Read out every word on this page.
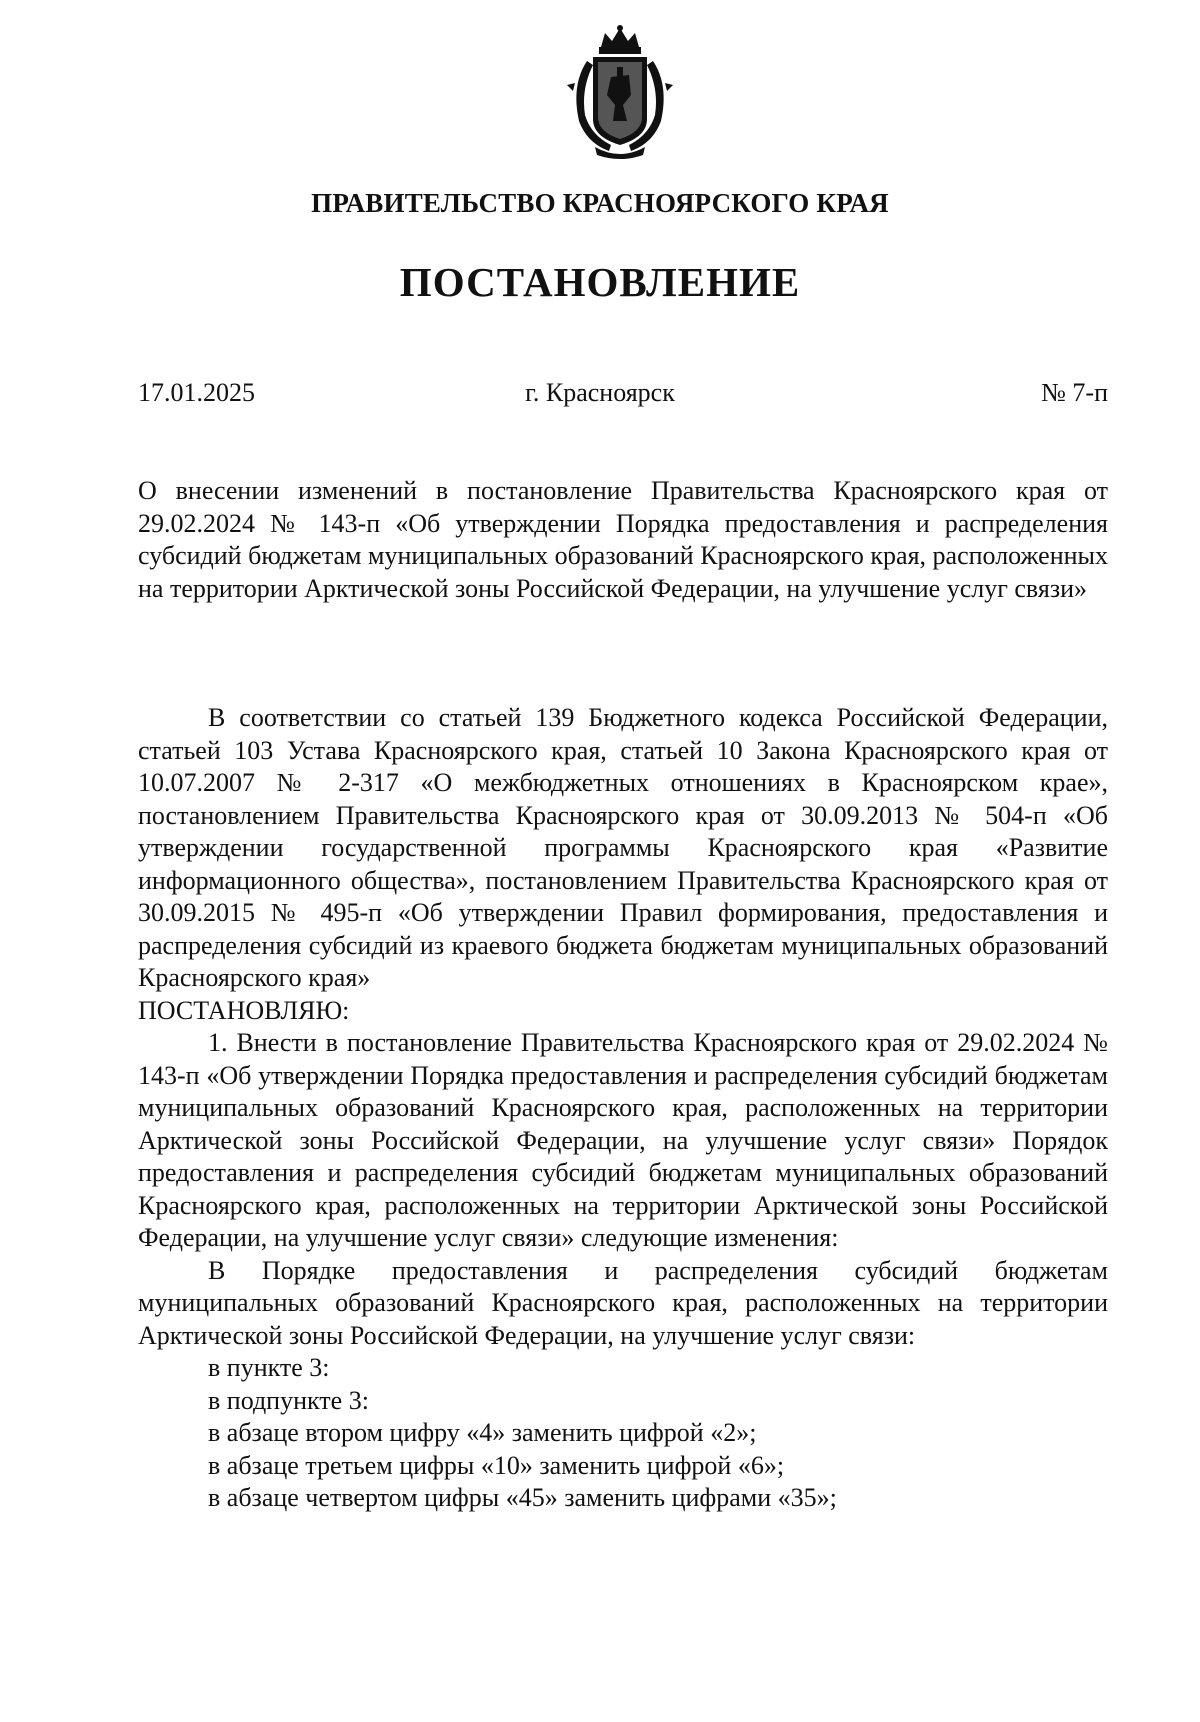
ПРАВИТЕЛЬСТВО КРАСНОЯРСКОГО КРАЯ
ПОСТАНОВЛЕНИЕ
17.01.2025	г. Красноярск	№ 7-п
О внесении изменений в постановление Правительства Красноярского края от 29.02.2024 № 143-п «Об утверждении Порядка предоставления и распределения субсидий бюджетам муниципальных образований Красноярского края, расположенных на территории Арктической зоны Российской Федерации, на улучшение услуг связи»

В соответствии со статьей 139 Бюджетного кодекса Российской Федерации, статьей 103 Устава Красноярского края, статьей 10 Закона Красноярского края от 10.07.2007 № 2-317 «О межбюджетных отношениях в Красноярском крае», постановлением Правительства Красноярского края от 30.09.2013 № 504-п «Об утверждении государственной программы Красноярского края «Развитие информационного общества», постановлением Правительства Красноярского края от 30.09.2015 № 495-п «Об утверждении Правил формирования, предоставления и распределения субсидий из краевого бюджета бюджетам муниципальных образований Красноярского края»

ПОСТАНОВЛЯЮ:

1. Внести в постановление Правительства Красноярского края от 29.02.2024 № 143-п «Об утверждении Порядка предоставления и распределения субсидий бюджетам муниципальных образований Красноярского края, расположенных на территории Арктической зоны Российской Федерации, на улучшение услуг связи» Порядок предоставления и распределения субсидий бюджетам муниципальных образований Красноярского края, расположенных на территории Арктической зоны Российской Федерации, на улучшение услуг связи» следующие изменения:

В Порядке предоставления и распределения субсидий бюджетам муниципальных образований Красноярского края, расположенных на территории Арктической зоны Российской Федерации, на улучшение услуг связи:

в пункте 3:

в подпункте 3:

в абзаце втором цифру «4» заменить цифрой «2»;

в абзаце третьем цифры «10» заменить цифрой «6»;

в абзаце четвертом цифры «45» заменить цифрами «35»;
